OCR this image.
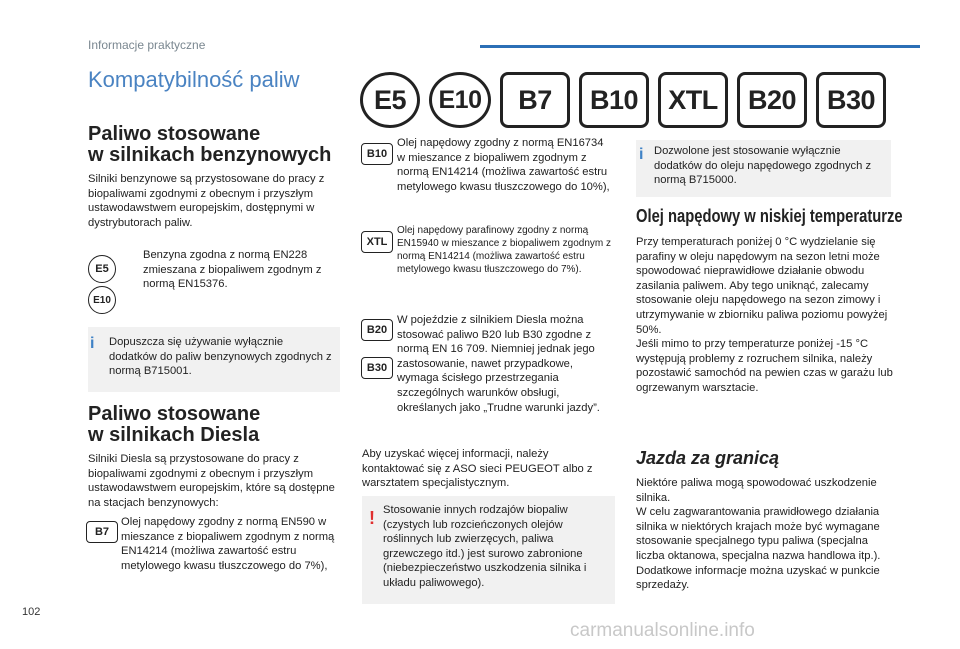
Informacje praktyczne
Kompatybilność paliw
E5	E10	B7	B10	XTL	B20	B30
Paliwo stosowane
w silnikach benzynowych
Silniki benzynowe są przystosowane do pracy z biopaliwami zgodnymi z obecnym i przyszłym ustawodawstwem europejskim, dostępnymi w dystrybutorach paliw.
E5
E10
Benzyna zgodna z normą EN228 zmieszana z biopaliwem zgodnym z normą EN15376.
i Dopuszcza się używanie wyłącznie dodatków do paliw benzynowych zgodnych z normą B715001.
Paliwo stosowane
w silnikach Diesla
Silniki Diesla są przystosowane do pracy z biopaliwami zgodnymi z obecnym i przyszłym ustawodawstwem europejskim, które są dostępne na stacjach benzynowych:
B7
Olej napędowy zgodny z normą EN590 w mieszance z biopaliwem zgodnym z normą EN14214 (możliwa zawartość estru metylowego kwasu tłuszczowego do 7%),
B10
Olej napędowy zgodny z normą EN16734 w mieszance z biopaliwem zgodnym z normą EN14214 (możliwa zawartość estru metylowego kwasu tłuszczowego do 10%),
XTL
Olej napędowy parafinowy zgodny z normą EN15940 w mieszance z biopaliwem zgodnym z normą EN14214 (możliwa zawartość estru metylowego kwasu tłuszczowego do 7%).
B20
B30
W pojeździe z silnikiem Diesla można stosować paliwo B20 lub B30 zgodne z normą EN 16 709. Niemniej jednak jego zastosowanie, nawet przypadkowe, wymaga ścisłego przestrzegania szczególnych warunków obsługi, określanych jako „Trudne warunki jazdy”.
Aby uzyskać więcej informacji, należy kontaktować się z ASO sieci PEUGEOT albo z warsztatem specjalistycznym.
! Stosowanie innych rodzajów biopaliw (czystych lub rozcieńczonych olejów roślinnych lub zwierzęcych, paliwa grzewczego itd.) jest surowo zabronione (niebezpieczeństwo uszkodzenia silnika i układu paliwowego).
i Dozwolone jest stosowanie wyłącznie dodatków do oleju napędowego zgodnych z normą B715000.
Olej napędowy w niskiej temperaturze
Przy temperaturach poniżej 0 °C wydzielanie się parafiny w oleju napędowym na sezon letni może spowodować nieprawidłowe działanie obwodu zasilania paliwem. Aby tego uniknąć, zalecamy stosowanie oleju napędowego na sezon zimowy i utrzymywanie w zbiorniku paliwa poziomu powyżej 50%.
Jeśli mimo to przy temperaturze poniżej -15 °C występują problemy z rozruchem silnika, należy pozostawić samochód na pewien czas w garażu lub ogrzewanym warsztacie.
Jazda za granicą
Niektóre paliwa mogą spowodować uszkodzenie silnika.
W celu zagwarantowania prawidłowego działania silnika w niektórych krajach może być wymagane stosowanie specjalnego typu paliwa (specjalna liczba oktanowa, specjalna nazwa handlowa itp.).
Dodatkowe informacje można uzyskać w punkcie sprzedaży.
102
carmanualsonline.info
